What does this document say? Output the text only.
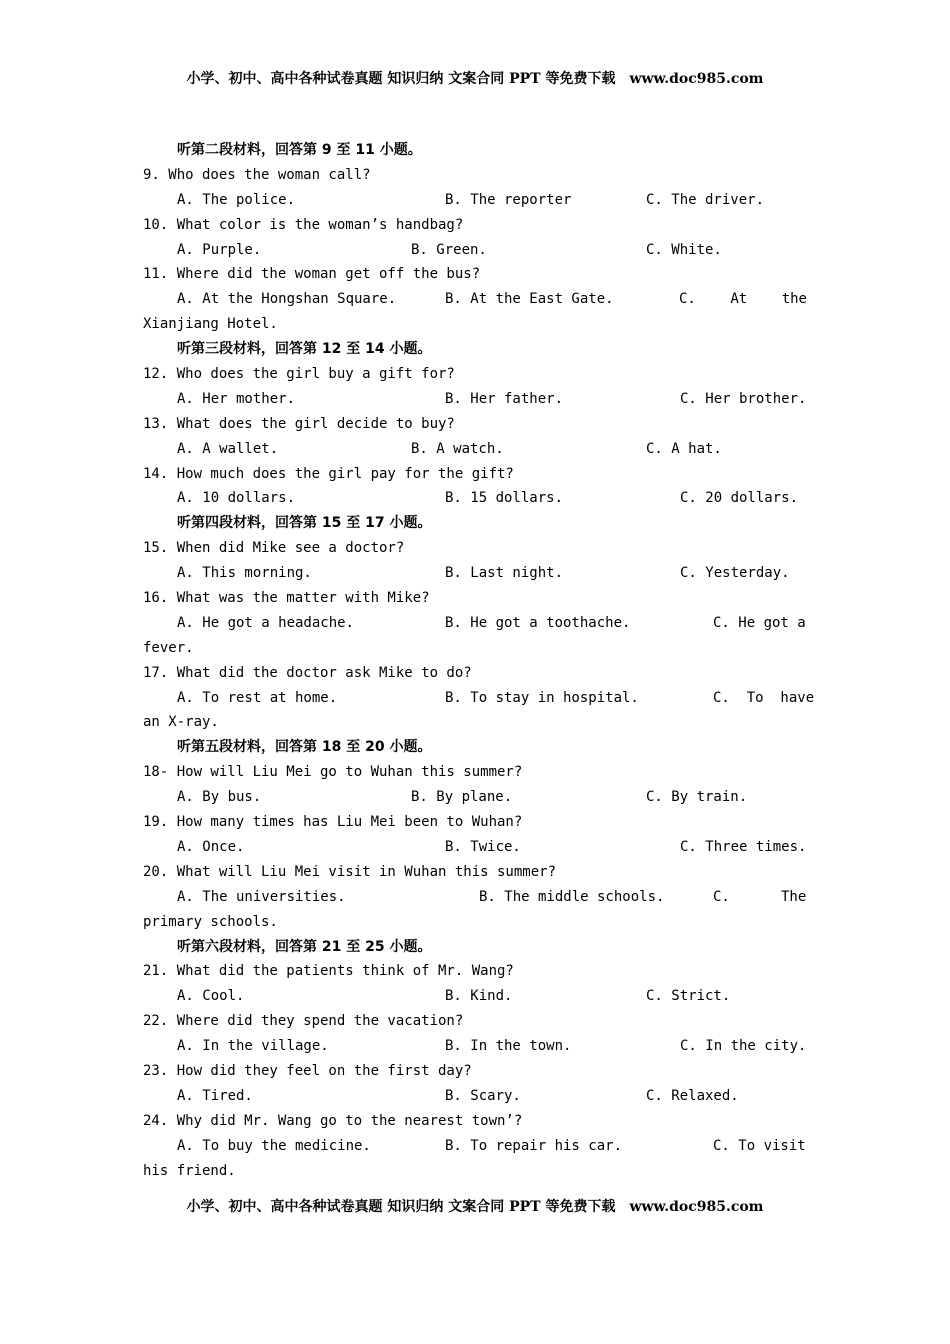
小学、初中、高中各种试卷真题 知识归纳 文案合同 PPT 等免费下载 www.doc985.com
听第二段材料，回答第 9 至 11 小题。
9. Who does the woman call?
A. The police.	B. The reporter	C. The driver.
10. What color is the woman’s handbag?
A. Purple.	B. Green.	C. White.
11. Where did the woman get off the bus?
A. At the Hongshan Square.	B. At the East Gate.	C. At the
Xianjiang Hotel.
听第三段材料，回答第 12 至 14 小题。
12. Who does the girl buy a gift for?
A. Her mother.	B. Her father.	C. Her brother.
13. What does the girl decide to buy?
A. A wallet.	B. A watch.	C. A hat.
14. How much does the girl pay for the gift?
A. 10 dollars.	B. 15 dollars.	C. 20 dollars.
听第四段材料，回答第 15 至 17 小题。
15. When did Mike see a doctor?
A. This morning.	B. Last night.	C. Yesterday.
16. What was the matter with Mike?
A. He got a headache.	B. He got a toothache.	C. He got a
fever.
17. What did the doctor ask Mike to do?
A. To rest at home.	B. To stay in hospital.	C.  To  have
an X-ray.
听第五段材料，回答第 18 至 20 小题。
18- How will Liu Mei go to Wuhan this summer?
A. By bus.	B. By plane.	C. By train.
19. How many times has Liu Mei been to Wuhan?
A. Once.	B. Twice.	C. Three times.
20. What will Liu Mei visit in Wuhan this summer?
A. The universities.	B. The middle schools.	C.	The
primary schools.
听第六段材料，回答第 21 至 25 小题。
21. What did the patients think of Mr. Wang?
A. Cool.	B. Kind.	C. Strict.
22. Where did they spend the vacation?
A. In the village.	B. In the town.	C. In the city.
23. How did they feel on the first day?
A. Tired.	B. Scary.	C. Relaxed.
24. Why did Mr. Wang go to the nearest town’?
A. To buy the medicine.	B. To repair his car.	C. To visit
his friend.
小学、初中、高中各种试卷真题 知识归纳 文案合同 PPT 等免费下载 www.doc985.com
